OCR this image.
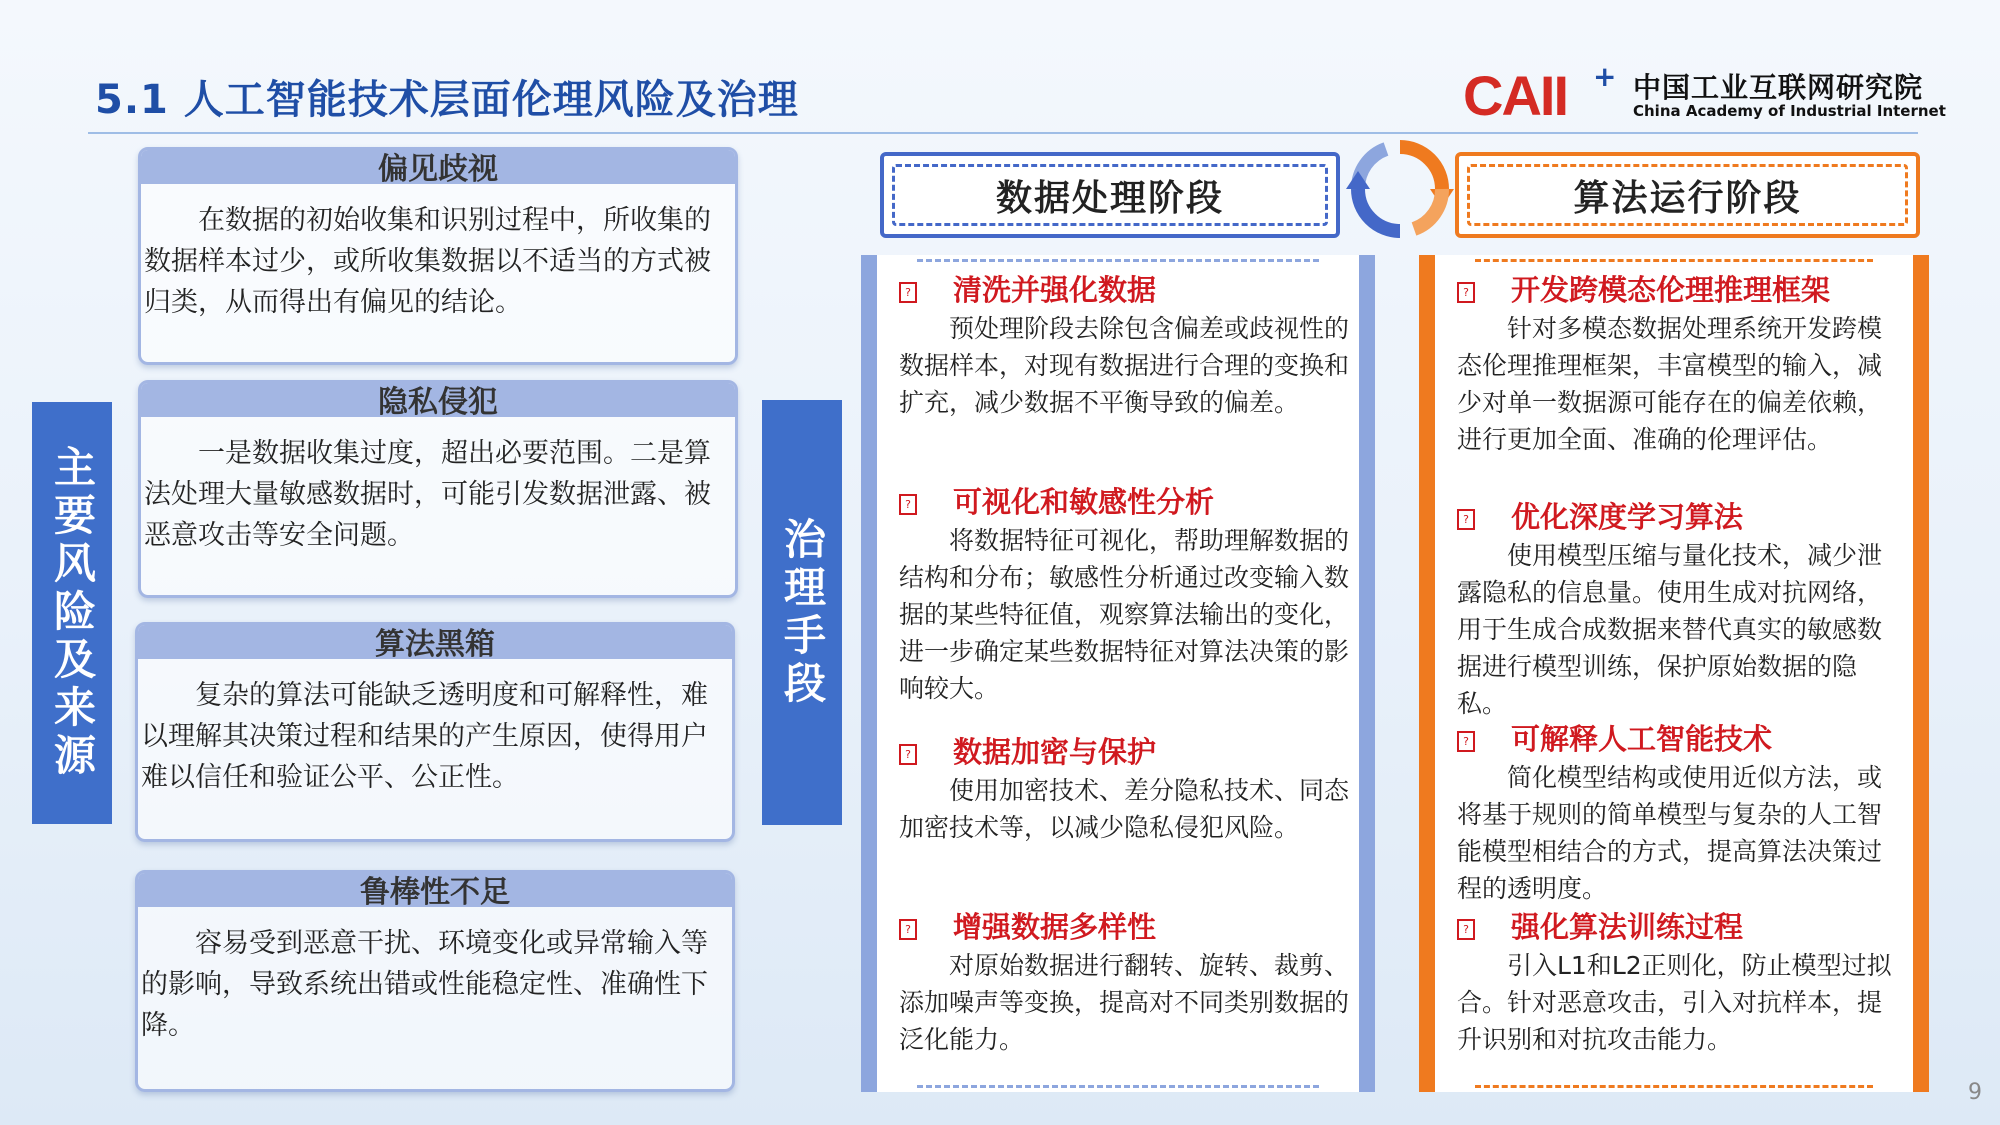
5.1 人工智能技术层面伦理风险及治理	CAII + 中国工业互联网研究院
China Academy of Industrial Internet
主要风险及来源
偏见歧视
在数据的初始收集和识别过程中，所收集的数据样本过少，或所收集数据以不适当的方式被归类，从而得出有偏见的结论。
隐私侵犯
一是数据收集过度，超出必要范围。二是算法处理大量敏感数据时，可能引发数据泄露、被恶意攻击等安全问题。
算法黑箱
复杂的算法可能缺乏透明度和可解释性，难以理解其决策过程和结果的产生原因，使得用户难以信任和验证公平、公正性。
鲁棒性不足
容易受到恶意干扰、环境变化或异常输入等的影响，导致系统出错或性能稳定性、准确性下降。
治理手段
数据处理阶段	算法运行阶段
? 清洗并强化数据
预处理阶段去除包含偏差或歧视性的数据样本，对现有数据进行合理的变换和扩充，减少数据不平衡导致的偏差。
? 可视化和敏感性分析
将数据特征可视化，帮助理解数据的结构和分布；敏感性分析通过改变输入数据的某些特征值，观察算法输出的变化，进一步确定某些数据特征对算法决策的影响较大。
? 数据加密与保护
使用加密技术、差分隐私技术、同态加密技术等，以减少隐私侵犯风险。
? 增强数据多样性
对原始数据进行翻转、旋转、裁剪、添加噪声等变换，提高对不同类别数据的泛化能力。
? 开发跨模态伦理推理框架
针对多模态数据处理系统开发跨模态伦理推理框架，丰富模型的输入，减少对单一数据源可能存在的偏差依赖，进行更加全面、准确的伦理评估。
? 优化深度学习算法
使用模型压缩与量化技术，减少泄露隐私的信息量。使用生成对抗网络，用于生成合成数据来替代真实的敏感数据进行模型训练，保护原始数据的隐私。
? 可解释人工智能技术
简化模型结构或使用近似方法，或将基于规则的简单模型与复杂的人工智能模型相结合的方式，提高算法决策过程的透明度。
? 强化算法训练过程
引入L1和L2正则化，防止模型过拟合。针对恶意攻击，引入对抗样本，提升识别和对抗攻击能力。
9
